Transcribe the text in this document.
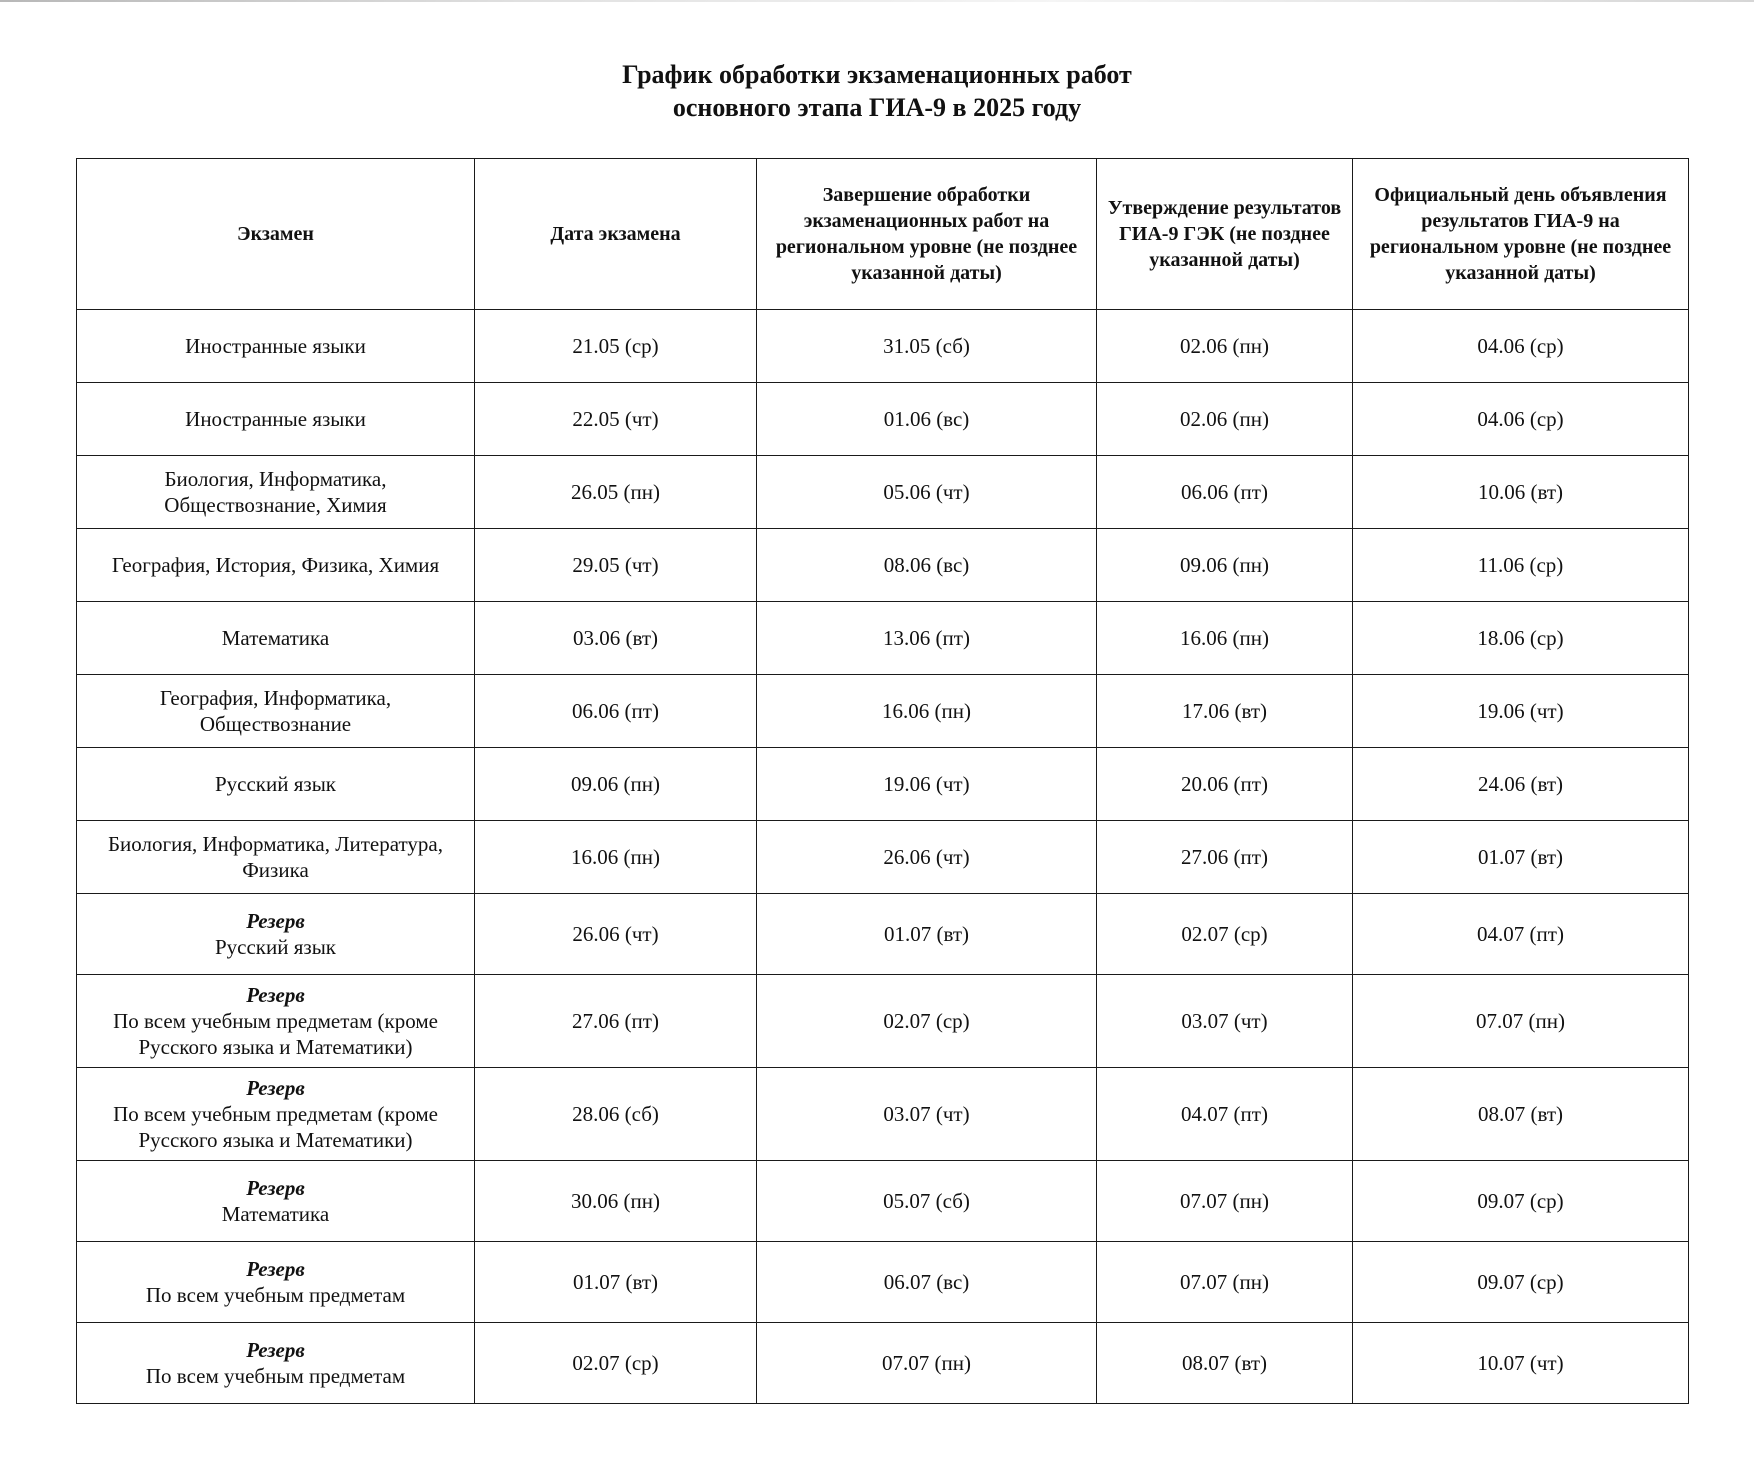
График обработки экзаменационных работ
основного этапа ГИА-9 в 2025 году
Экзамен	Дата экзамена	Завершение обработки экзаменационных работ на региональном уровне (не позднее указанной даты)	Утверждение результатов ГИА-9 ГЭК (не позднее указанной даты)	Официальный день объявления результатов ГИА-9 на региональном уровне (не позднее указанной даты)

Иностранные языки	21.05 (ср)	31.05 (сб)	02.06 (пн)	04.06 (ср)

Иностранные языки	22.05 (чт)	01.06 (вс)	02.06 (пн)	04.06 (ср)

Биология, Информатика, Обществознание, Химия	26.05 (пн)	05.06 (чт)	06.06 (пт)	10.06 (вт)

География, История, Физика, Химия	29.05 (чт)	08.06 (вс)	09.06 (пн)	11.06 (ср)

Математика	03.06 (вт)	13.06 (пт)	16.06 (пн)	18.06 (ср)

География, Информатика, Обществознание	06.06 (пт)	16.06 (пн)	17.06 (вт)	19.06 (чт)

Русский язык	09.06 (пн)	19.06 (чт)	20.06 (пт)	24.06 (вт)

Биология, Информатика, Литература, Физика	16.06 (пн)	26.06 (чт)	27.06 (пт)	01.07 (вт)

Резерв
Русский язык	26.06 (чт)	01.07 (вт)	02.07 (ср)	04.07 (пт)

Резерв
По всем учебным предметам (кроме Русского языка и Математики)	27.06 (пт)	02.07 (ср)	03.07 (чт)	07.07 (пн)

Резерв
По всем учебным предметам (кроме Русского языка и Математики)	28.06 (сб)	03.07 (чт)	04.07 (пт)	08.07 (вт)

Резерв
Математика	30.06 (пн)	05.07 (сб)	07.07 (пн)	09.07 (ср)

Резерв
По всем учебным предметам	01.07 (вт)	06.07 (вс)	07.07 (пн)	09.07 (ср)

Резерв
По всем учебным предметам	02.07 (ср)	07.07 (пн)	08.07 (вт)	10.07 (чт)
